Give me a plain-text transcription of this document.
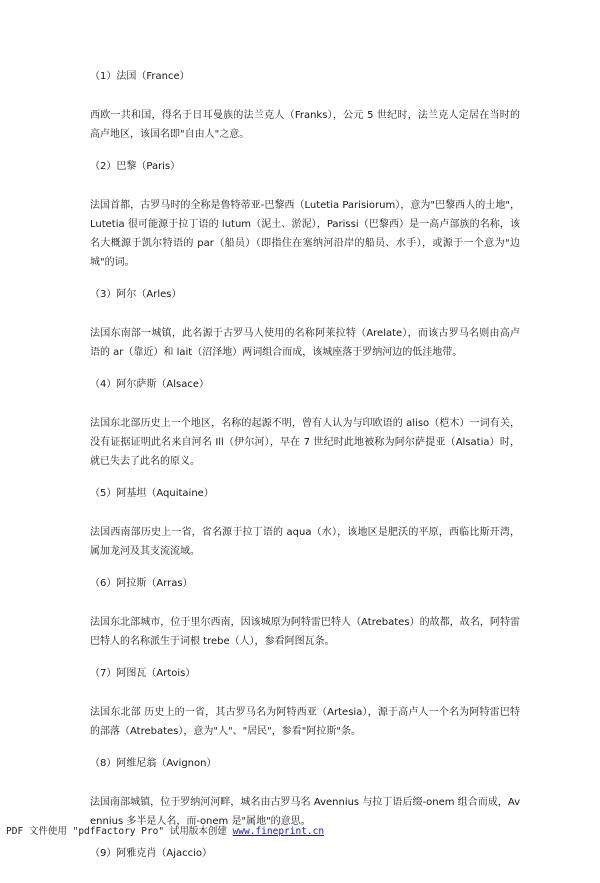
（1）法国（France）

西欧一共和国，得名于日耳曼族的法兰克人（Franks），公元 5 世纪时，法兰克人定居在当时的高卢地区，该国名即"自由人"之意。

（2）巴黎（Paris）

法国首都，古罗马时的全称是鲁特蒂亚-巴黎西（Lutetia Parisiorum），意为"巴黎西人的土地"，Lutetia 很可能源于拉丁语的 lutum（泥土、淤泥），Parissi（巴黎西）是一高卢部族的名称，该名大概源于凯尔特语的 par（船员）（即指住在塞纳河沿岸的船员、水手），或源于一个意为"边城"的词。

（3）阿尔（Arles）

法国东南部一城镇，此名源于古罗马人使用的名称阿莱拉特（Arelate），而该古罗马名则由高卢语的 ar（靠近）和 lait（沼泽地）两词组合而成，该城座落于罗纳河边的低洼地带。

（4）阿尔萨斯（Alsace）

法国东北部历史上一个地区，名称的起源不明，曾有人认为与印欧语的 aliso（桤木）一词有关，没有证据证明此名来自河名 Ill（伊尔河），早在 7 世纪时此地被称为阿尔萨提亚（Alsatia）时，就已失去了此名的原义。

（5）阿基坦（Aquitaine）

法国西南部历史上一省，省名源于拉丁语的 aqua（水），该地区是肥沃的平原，西临比斯开湾，属加龙河及其支流流域。

（6）阿拉斯（Arras）

法国东北部城市，位于里尔西南，因该城原为阿特雷巴特人（Atrebates）的故都，故名，阿特雷巴特人的名称派生于词根 trebe（人），参看阿图瓦条。

（7）阿图瓦（Artois）

法国东北部 历史上的一省，其古罗马名为阿特西亚（Artesia），源于高卢人一个名为阿特雷巴特的部落（Atrebates），意为"人"、"居民"，参看"阿拉斯"条。

（8）阿维尼翁（Avignon）

法国南部城镇，位于罗纳河河畔，城名由古罗马名 Avennius 与拉丁语后缀-onem 组合而成，Avennius 多半是人名，而-onem 是"属地"的意思。

（9）阿雅克肖（Ajaccio）

PDF 文件使用 "pdfFactory Pro" 试用版本创建 www.fineprint.cn
